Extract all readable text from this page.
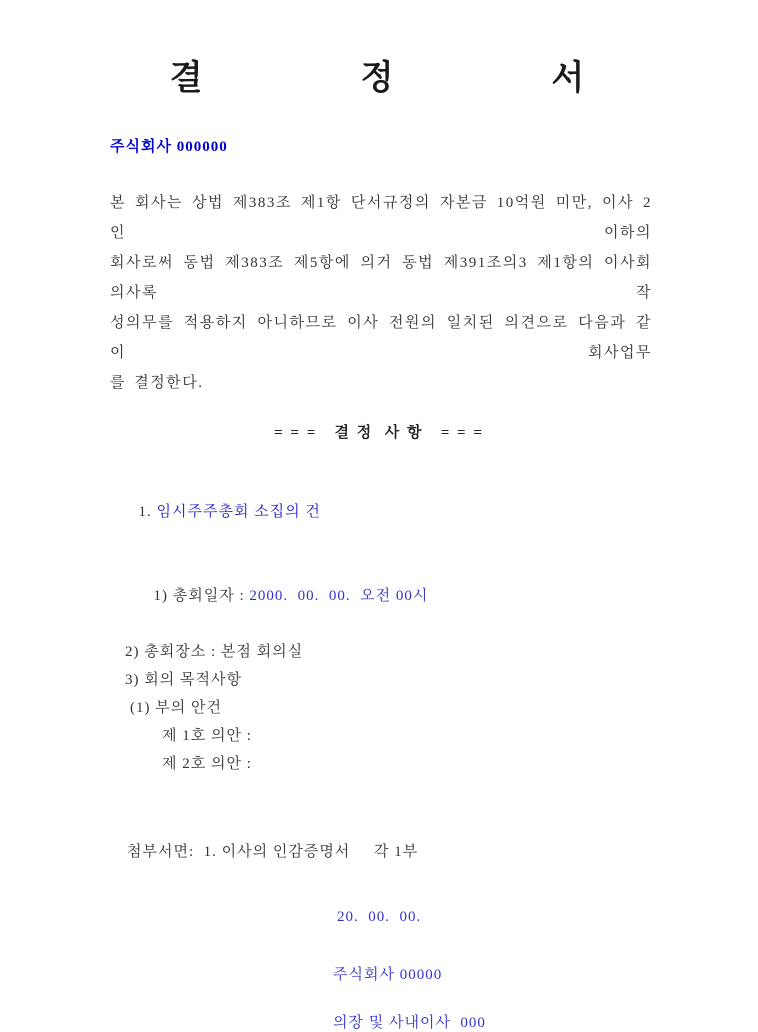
결    정    서
주식회사 000000
본 회사는 상법 제383조 제1항 단서규정의 자본금 10억원 미만, 이사 2인 이하의
회사로써 동법 제383조 제5항에 의거 동법 제391조의3 제1항의 이사회의사록 작
성의무를 적용하지 아니하므로 이사 전원의 일치된 의견으로 다음과 같이 회사업무
를 결정한다.
= = =   결 정  사 항   = = =

1. 임시주주총회 소집의 건

1) 총회일자 : 2000.  00.  00.  오전 00시

2) 총회장소 : 본점 회의실
3) 회의 목적사항
(1) 부의 안건
제 1호 의안 :
제 2호 의안 :
첨부서면:  1. 이사의 인감증명서     각 1부
20.  00.  00.
주식회사 00000
의장 및 사내이사  000
